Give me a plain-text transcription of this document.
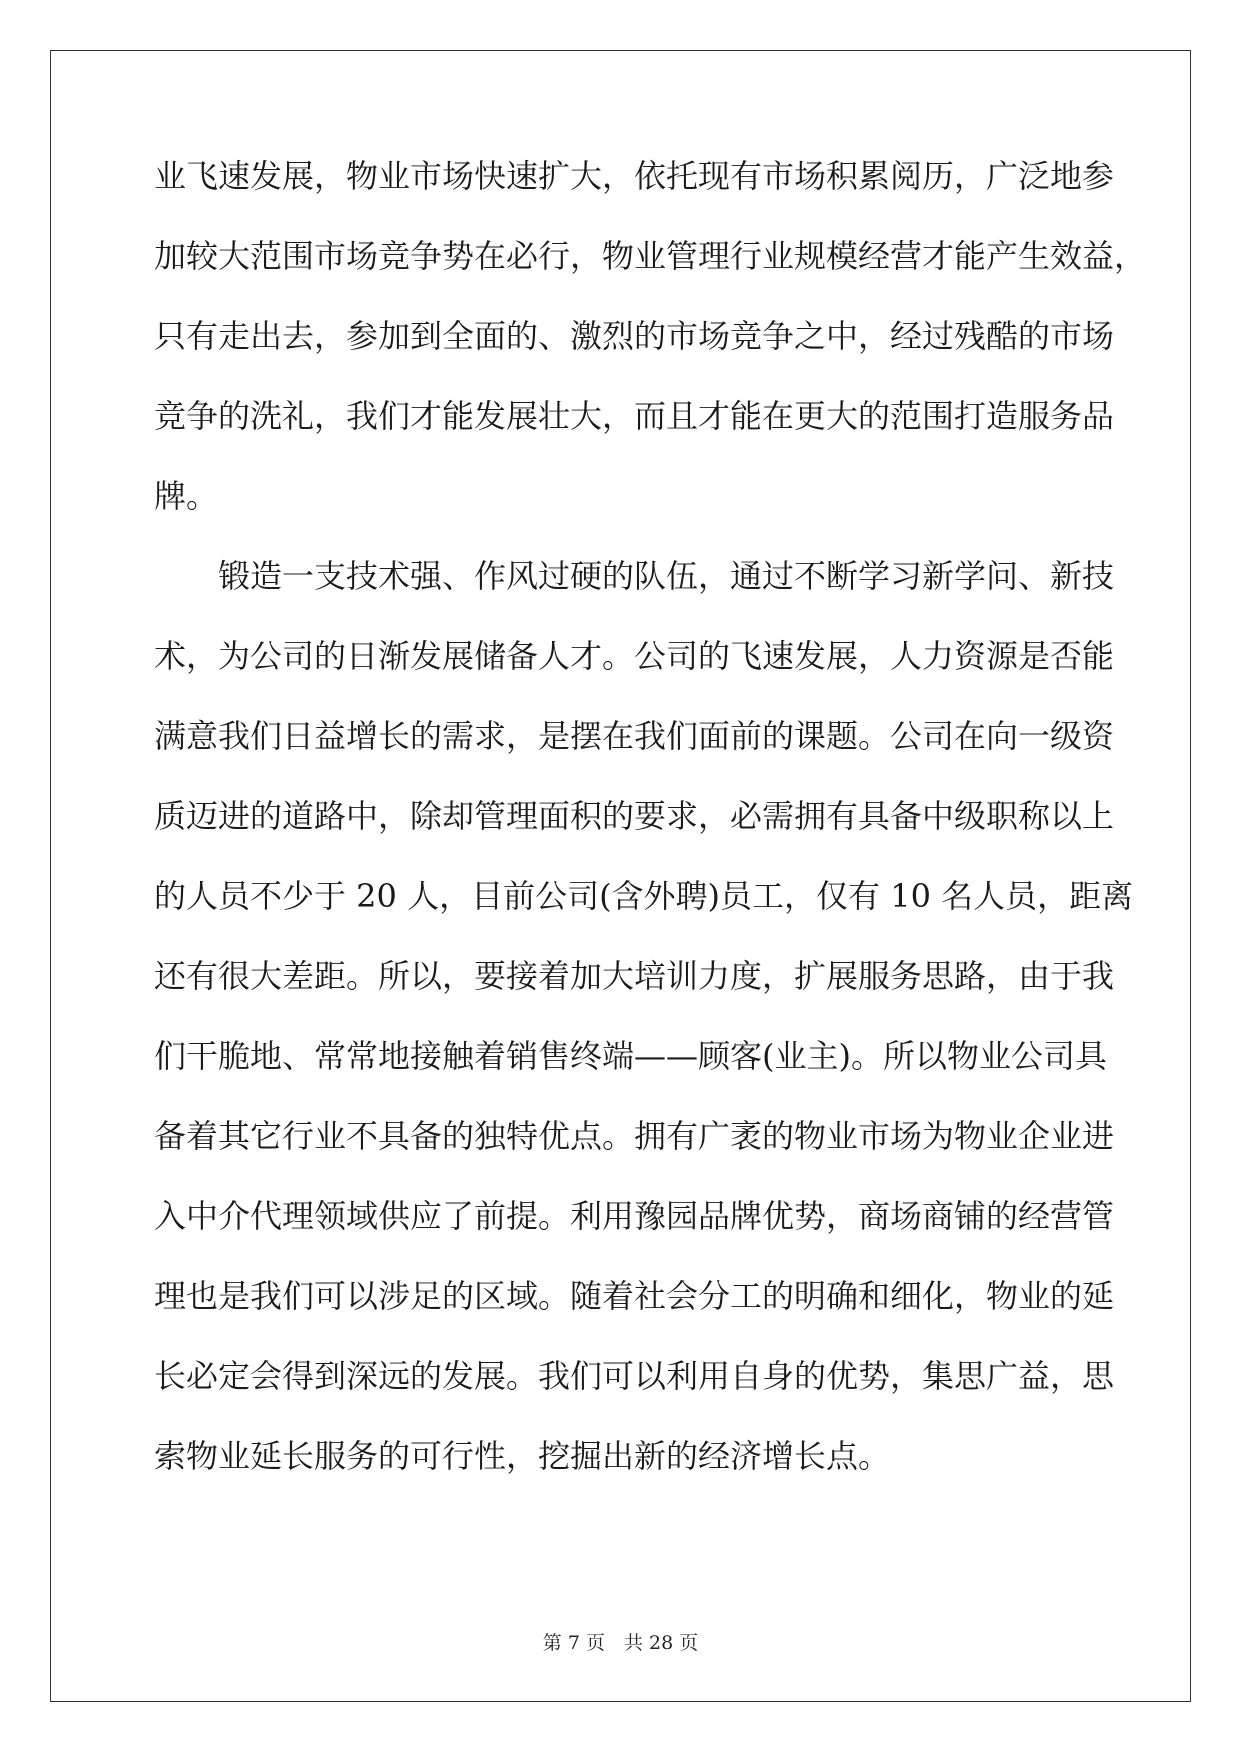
业飞速发展，物业市场快速扩大，依托现有市场积累阅历，广泛地参
加较大范围市场竞争势在必行，物业管理行业规模经营才能产生效益，
只有走出去，参加到全面的、激烈的市场竞争之中，经过残酷的市场
竞争的洗礼，我们才能发展壮大，而且才能在更大的范围打造服务品
牌。
锻造一支技术强、作风过硬的队伍，通过不断学习新学问、新技
术，为公司的日渐发展储备人才。公司的飞速发展，人力资源是否能
满意我们日益增长的需求，是摆在我们面前的课题。公司在向一级资
质迈进的道路中，除却管理面积的要求，必需拥有具备中级职称以上
的人员不少于 20 人，目前公司(含外聘)员工，仅有 10 名人员，距离
还有很大差距。所以，要接着加大培训力度，扩展服务思路，由于我
们干脆地、常常地接触着销售终端——顾客(业主)。所以物业公司具
备着其它行业不具备的独特优点。拥有广袤的物业市场为物业企业进
入中介代理领域供应了前提。利用豫园品牌优势，商场商铺的经营管
理也是我们可以涉足的区域。随着社会分工的明确和细化，物业的延
长必定会得到深远的发展。我们可以利用自身的优势，集思广益，思
索物业延长服务的可行性，挖掘出新的经济增长点。
第 7 页　共 28 页
